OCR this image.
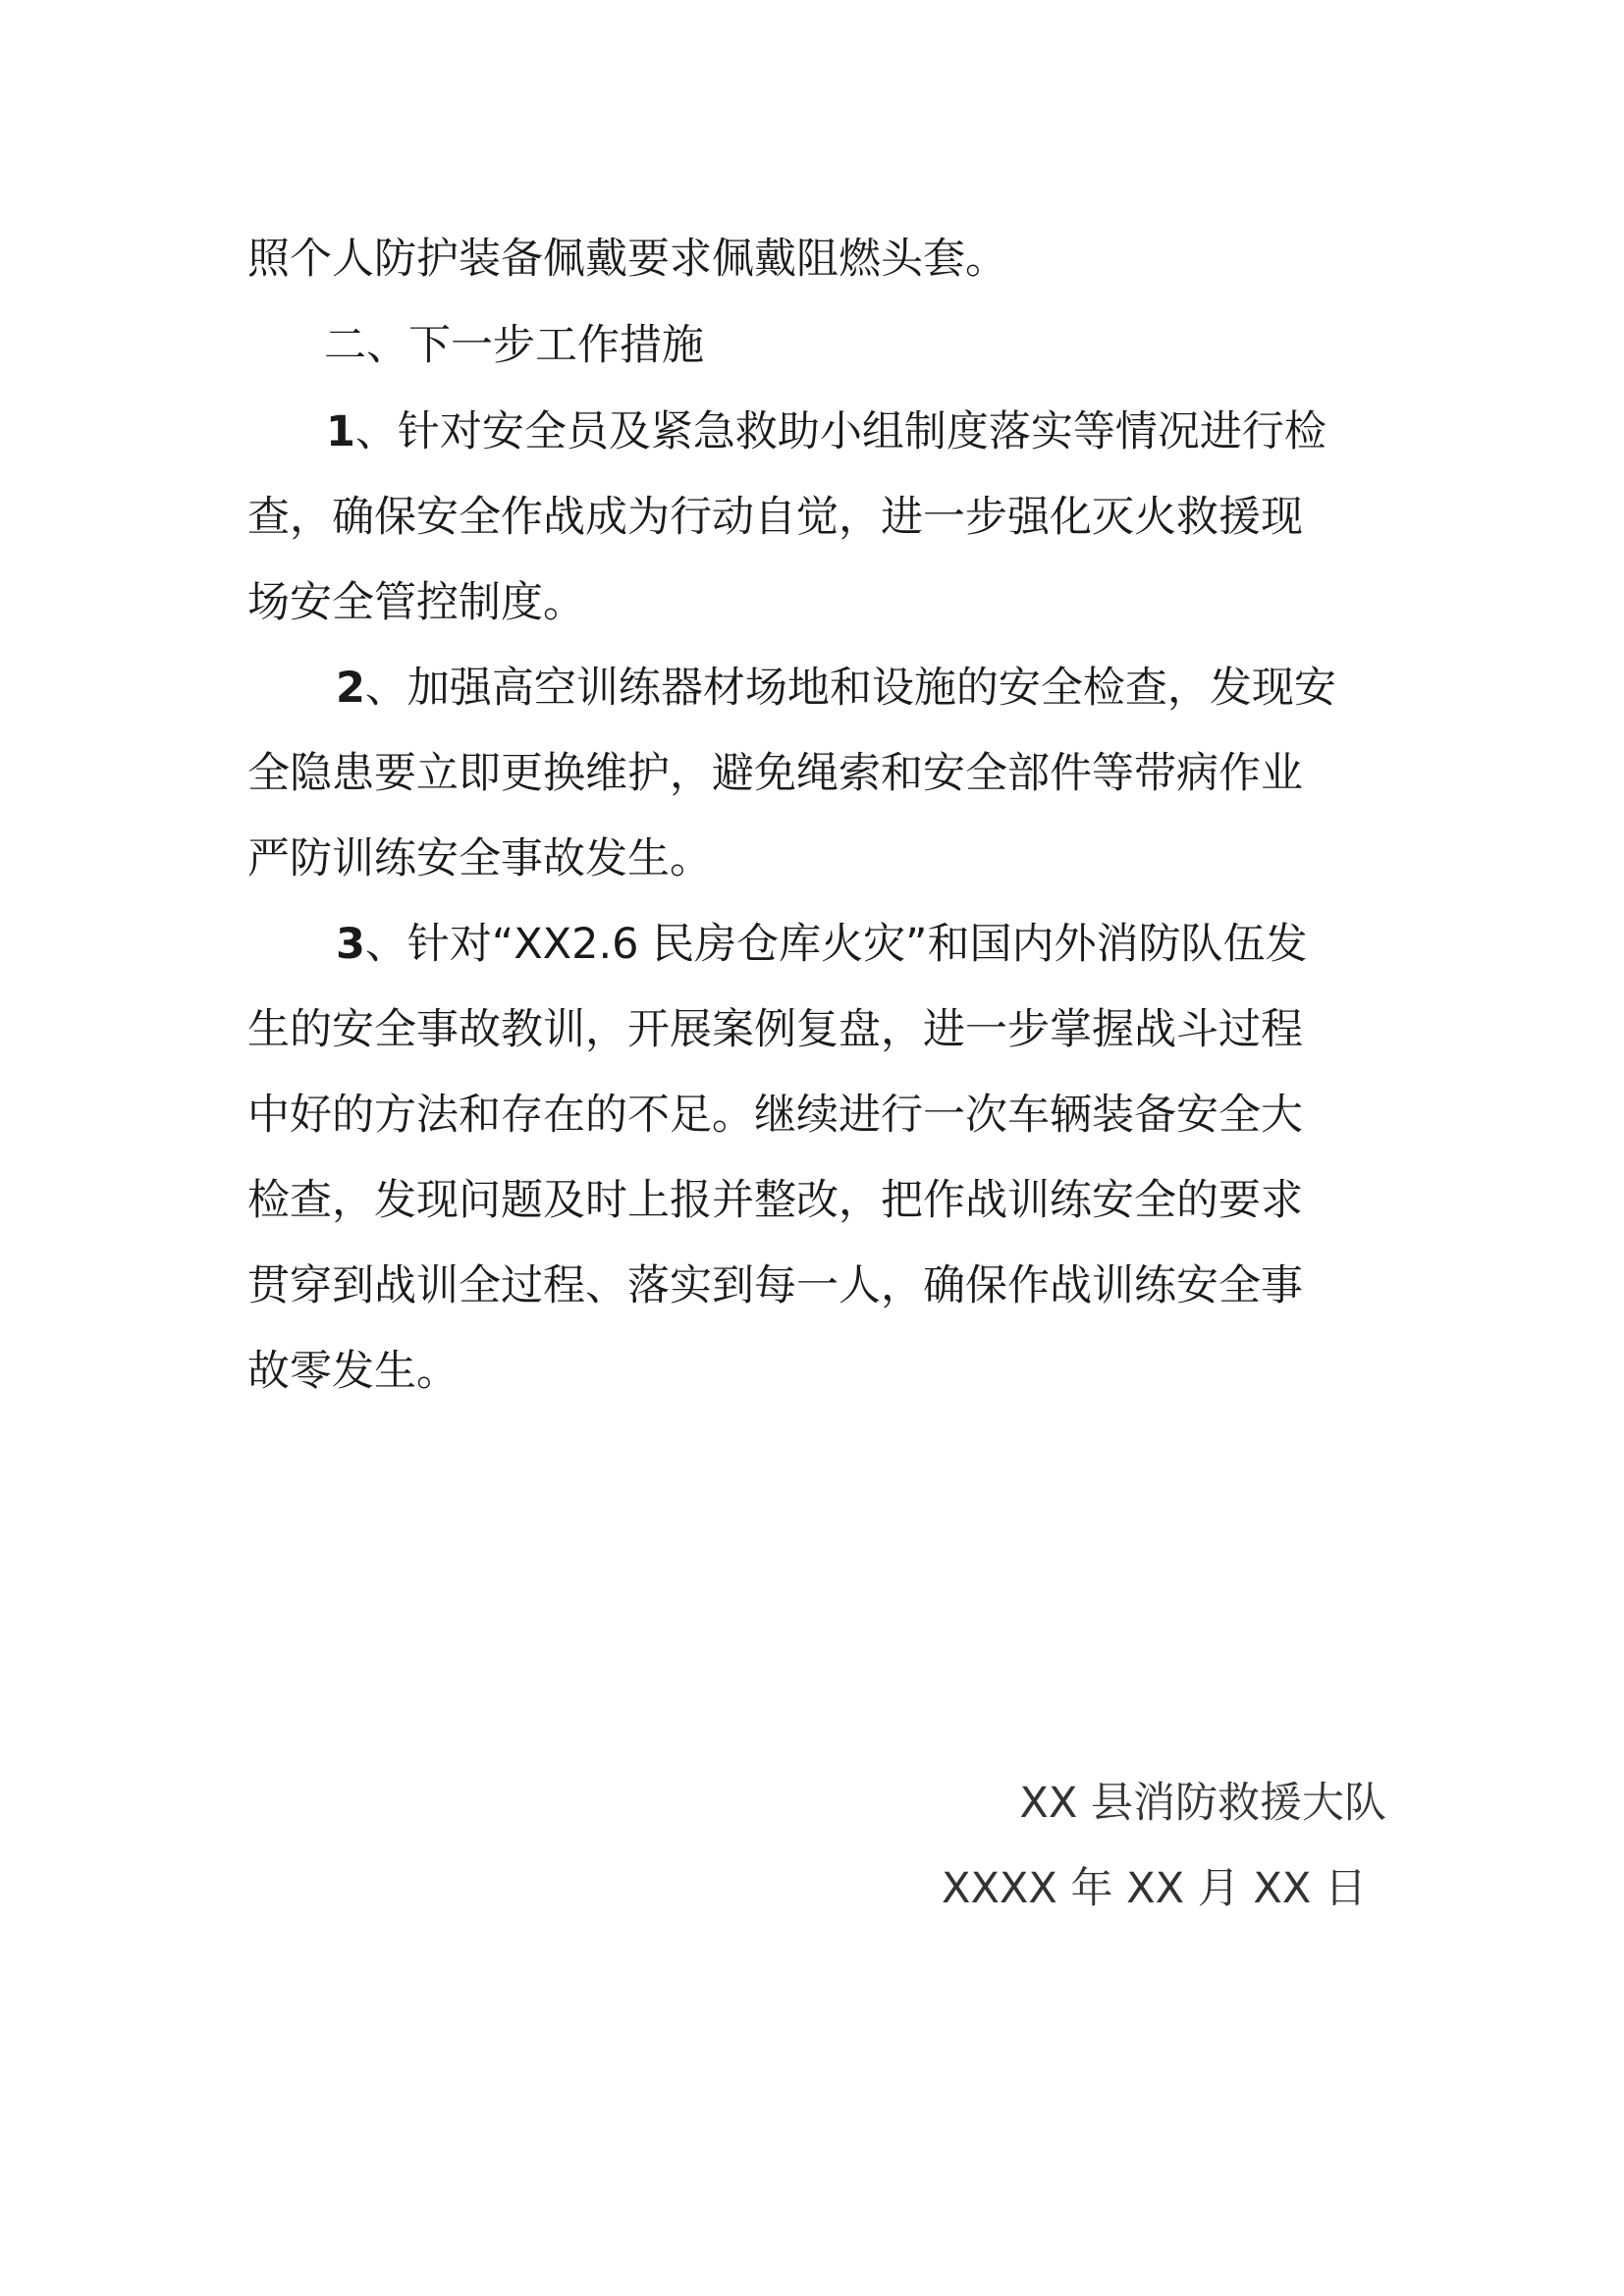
照个人防护装备佩戴要求佩戴阻燃头套。
二、下一步工作措施
1、针对安全员及紧急救助小组制度落实等情况进行检
查，确保安全作战成为行动自觉，进一步强化灭火救援现
场安全管控制度。
2、加强高空训练器材场地和设施的安全检查，发现安
全隐患要立即更换维护，避免绳索和安全部件等带病作业
严防训练安全事故发生。
3、针对“XX2.6 民房仓库火灾”和国内外消防队伍发
生的安全事故教训，开展案例复盘，进一步掌握战斗过程
中好的方法和存在的不足。继续进行一次车辆装备安全大
检查，发现问题及时上报并整改，把作战训练安全的要求
贯穿到战训全过程、落实到每一人，确保作战训练安全事
故零发生。
XX 县消防救援大队
XXXX 年 XX 月 XX 日
